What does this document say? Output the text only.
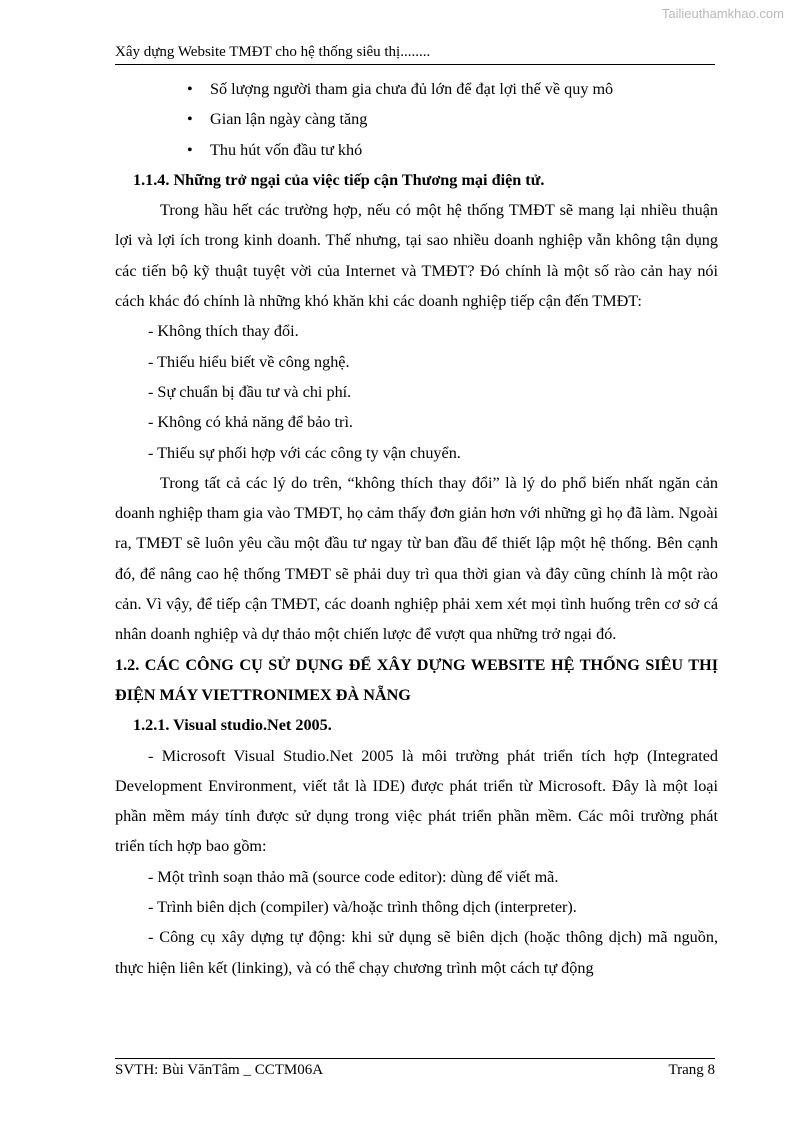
Tailieuthamkhao.com
Xây dựng Website TMĐT cho hệ thống siêu thị........
• Số lượng người tham gia chưa đủ lớn để đạt lợi thế về quy mô
• Gian lận ngày càng tăng
• Thu hút vốn đầu tư khó
1.1.4. Những trở ngại của việc tiếp cận Thương mại điện tử.
Trong hầu hết các trường hợp, nếu có một hệ thống TMĐT sẽ mang lại nhiều thuận lợi và lợi ích trong kinh doanh. Thế nhưng, tại sao nhiều doanh nghiệp vẫn không tận dụng các tiến bộ kỹ thuật tuyệt vời của Internet và TMĐT? Đó chính là một số rào cản hay nói cách khác đó chính là những khó khăn khi các doanh nghiệp tiếp cận đến TMĐT:
- Không thích thay đổi.
- Thiếu hiểu biết về công nghệ.
- Sự chuẩn bị đầu tư và chi phí.
- Không có khả năng để bảo trì.
- Thiếu sự phối hợp với các công ty vận chuyển.
Trong tất cả các lý do trên, “không thích thay đổi” là lý do phổ biến nhất ngăn cản doanh nghiệp tham gia vào TMĐT, họ cảm thấy đơn giản hơn với những gì họ đã làm. Ngoài ra, TMĐT sẽ luôn yêu cầu một đầu tư ngay từ ban đầu để thiết lập một hệ thống. Bên cạnh đó, để nâng cao hệ thống TMĐT sẽ phải duy trì qua thời gian và đây cũng chính là một rào cản. Vì vậy, để tiếp cận TMĐT, các doanh nghiệp phải xem xét mọi tình huống trên cơ sở cá nhân doanh nghiệp và dự thảo một chiến lược để vượt qua những trở ngại đó.
1.2. CÁC CÔNG CỤ SỬ DỤNG ĐỂ XÂY DỰNG WEBSITE HỆ THỐNG SIÊU THỊ ĐIỆN MÁY VIETTRONIMEX ĐÀ NẴNG
1.2.1. Visual studio.Net 2005.
- Microsoft Visual Studio.Net 2005 là môi trường phát triển tích hợp (Integrated Development Environment, viết tắt là IDE) được phát triển từ Microsoft. Đây là một loại phần mềm máy tính được sử dụng trong việc phát triển phần mềm. Các môi trường phát triển tích hợp bao gồm:
- Một trình soạn thảo mã (source code editor): dùng để viết mã.
- Trình biên dịch (compiler) và/hoặc trình thông dịch (interpreter).
- Công cụ xây dựng tự động: khi sử dụng sẽ biên dịch (hoặc thông dịch) mã nguồn, thực hiện liên kết (linking), và có thể chạy chương trình một cách tự động
SVTH: Bùi VănTâm _ CCTM06A	Trang 8
